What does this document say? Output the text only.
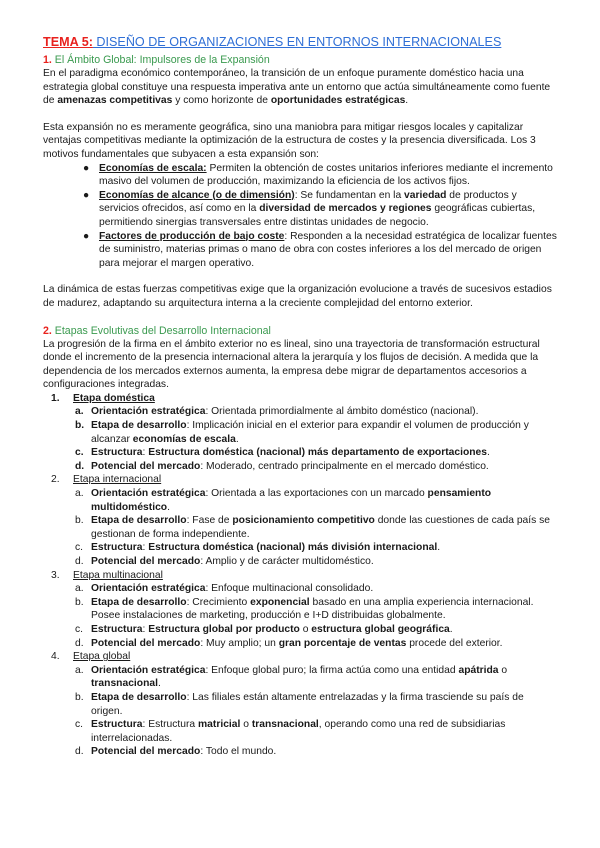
TEMA 5: DISEÑO DE ORGANIZACIONES EN ENTORNOS INTERNACIONALES
1. El Ámbito Global: Impulsores de la Expansión

En el paradigma económico contemporáneo, la transición de un enfoque puramente doméstico hacia una estrategia global constituye una respuesta imperativa ante un entorno que actúa simultáneamente como fuente de amenazas competitivas y como horizonte de oportunidades estratégicas.

Esta expansión no es meramente geográfica, sino una maniobra para mitigar riesgos locales y capitalizar ventajas competitivas mediante la optimización de la estructura de costes y la presencia diversificada. Los 3 motivos fundamentales que subyacen a esta expansión son:

● Economías de escala: Permiten la obtención de costes unitarios inferiores mediante el incremento masivo del volumen de producción, maximizando la eficiencia de los activos fijos.
● Economías de alcance (o de dimensión): Se fundamentan en la variedad de productos y servicios ofrecidos, así como en la diversidad de mercados y regiones geográficas cubiertas, permitiendo sinergias transversales entre distintas unidades de negocio.
● Factores de producción de bajo coste: Responden a la necesidad estratégica de localizar fuentes de suministro, materias primas o mano de obra con costes inferiores a los del mercado de origen para mejorar el margen operativo.

La dinámica de estas fuerzas competitivas exige que la organización evolucione a través de sucesivos estadios de madurez, adaptando su arquitectura interna a la creciente complejidad del entorno exterior.

2. Etapas Evolutivas del Desarrollo Internacional

La progresión de la firma en el ámbito exterior no es lineal, sino una trayectoria de transformación estructural donde el incremento de la presencia internacional altera la jerarquía y los flujos de decisión. A medida que la dependencia de los mercados externos aumenta, la empresa debe migrar de departamentos accesorios a configuraciones integradas.

1. Etapa doméstica
a. Orientación estratégica: Orientada primordialmente al ámbito doméstico (nacional).
b. Etapa de desarrollo: Implicación inicial en el exterior para expandir el volumen de producción y alcanzar economías de escala.
c. Estructura: Estructura doméstica (nacional) más departamento de exportaciones.
d. Potencial del mercado: Moderado, centrado principalmente en el mercado doméstico.
2. Etapa internacional
a. Orientación estratégica: Orientada a las exportaciones con un marcado pensamiento multidoméstico.
b. Etapa de desarrollo: Fase de posicionamiento competitivo donde las cuestiones de cada país se gestionan de forma independiente.
c. Estructura: Estructura doméstica (nacional) más división internacional.
d. Potencial del mercado: Amplio y de carácter multidoméstico.
3. Etapa multinacional
a. Orientación estratégica: Enfoque multinacional consolidado.
b. Etapa de desarrollo: Crecimiento exponencial basado en una amplia experiencia internacional. Posee instalaciones de marketing, producción e I+D distribuidas globalmente.
c. Estructura: Estructura global por producto o estructura global geográfica.
d. Potencial del mercado: Muy amplio; un gran porcentaje de ventas procede del exterior.
4. Etapa global
a. Orientación estratégica: Enfoque global puro; la firma actúa como una entidad apátrida o transnacional.
b. Etapa de desarrollo: Las filiales están altamente entrelazadas y la firma trasciende su país de origen.
c. Estructura: Estructura matricial o transnacional, operando como una red de subsidiarias interrelacionadas.
d. Potencial del mercado: Todo el mundo.
